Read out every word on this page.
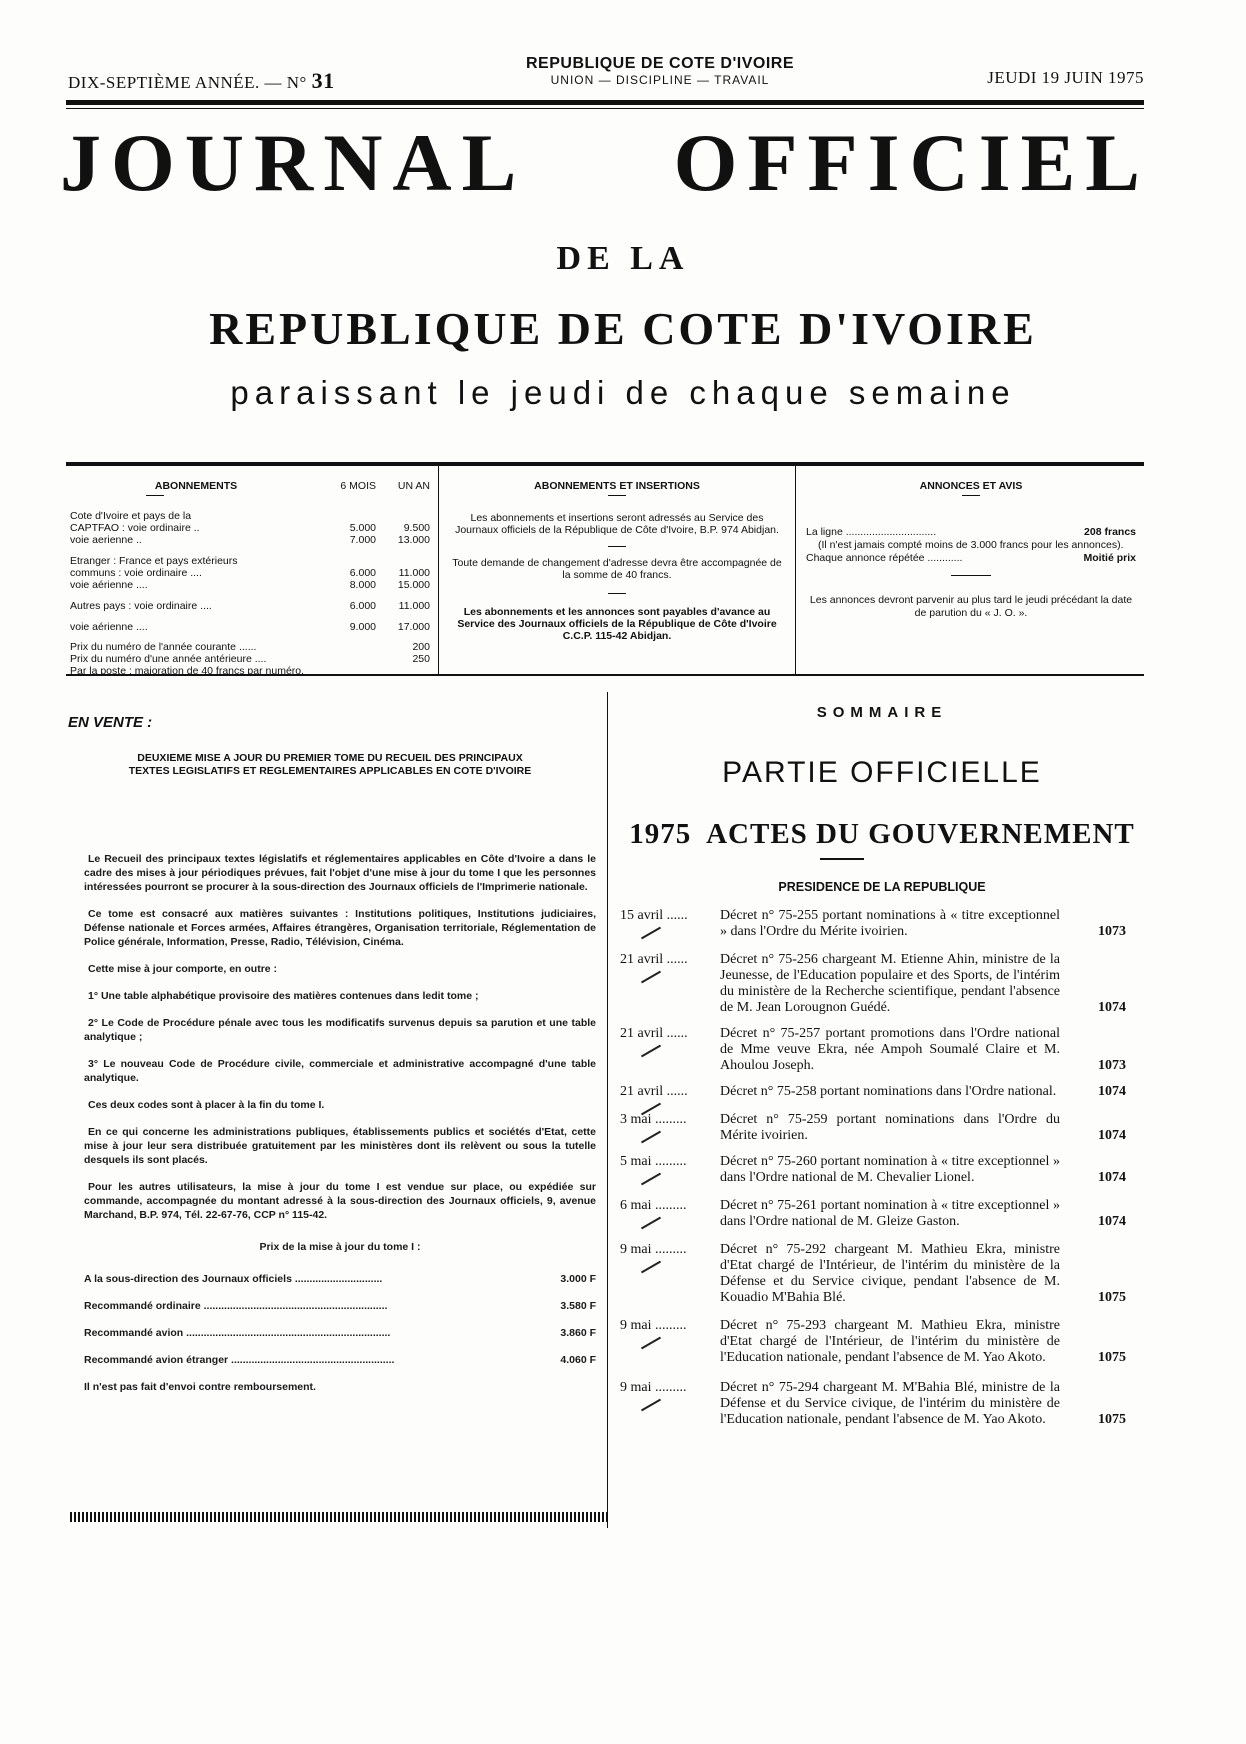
DIX-SEPTIÈME ANNÉE. — N° 31
REPUBLIQUE DE COTE D'IVOIRE
UNION — DISCIPLINE — TRAVAIL	JEUDI 19 JUIN 1975
JOURNAL OFFICIEL
DE LA
REPUBLIQUE DE COTE D'IVOIRE
paraissant le jeudi de chaque semaine
ABONNEMENTS	6 MOIS	UN AN
Cote d'Ivoire et pays de la
CAPTFAO : voie ordinaire ..	5.000	9.500
voie aerienne ..	7.000	13.000
Etranger : France et pays extérieurs
communs : voie ordinaire ....	6.000	11.000
voie aérienne ....	8.000	15.000
Autres pays : voie ordinaire ....	6.000	11.000
voie aérienne ....	9.000	17.000
Prix du numéro de l'année courante ......	200
Prix du numéro d'une année antérieure ....	250
Par la poste : majoration de 40 francs par numéro.
ABONNEMENTS ET INSERTIONS

Les abonnements et insertions seront adressés au Service des Journaux officiels de la République de Côte d'Ivoire, B.P. 974 Abidjan.

Toute demande de changement d'adresse devra être accompagnée de la somme de 40 francs.

Les abonnements et les annonces sont payables d'avance au Service des Journaux officiels de la République de Côte d'Ivoire C.C.P. 115-42 Abidjan.

ANNONCES ET AVIS
La ligne ...............................	208 francs
(Il n'est jamais compté moins de 3.000 francs pour les annonces).
Chaque annonce répétée ............	Moitié prix
Les annonces devront parvenir au plus tard le jeudi précédant la date de parution du « J. O. ».
EN VENTE :
DEUXIEME MISE A JOUR DU PREMIER TOME DU RECUEIL DES PRINCIPAUX TEXTES LEGISLATIFS ET REGLEMENTAIRES APPLICABLES EN COTE D'IVOIRE

Le Recueil des principaux textes législatifs et réglementaires applicables en Côte d'Ivoire a dans le cadre des mises à jour périodiques prévues, fait l'objet d'une mise à jour du tome I que les personnes intéressées pourront se procurer à la sous-direction des Journaux officiels de l'Imprimerie nationale.

Ce tome est consacré aux matières suivantes : Institutions politiques, Institutions judiciaires, Défense nationale et Forces armées, Affaires étrangères, Organisation territoriale, Réglementation de Police générale, Information, Presse, Radio, Télévision, Cinéma.

Cette mise à jour comporte, en outre :

1° Une table alphabétique provisoire des matières contenues dans ledit tome ;

2° Le Code de Procédure pénale avec tous les modificatifs survenus depuis sa parution et une table analytique ;

3° Le nouveau Code de Procédure civile, commerciale et administrative accompagné d'une table analytique.

Ces deux codes sont à placer à la fin du tome I.

En ce qui concerne les administrations publiques, établissements publics et sociétés d'Etat, cette mise à jour leur sera distribuée gratuitement par les ministères dont ils relèvent ou sous la tutelle desquels ils sont placés.

Pour les autres utilisateurs, la mise à jour du tome I est vendue sur place, ou expédiée sur commande, accompagnée du montant adressé à la sous-direction des Journaux officiels, 9, avenue Marchand, B.P. 974, Tél. 22-67-76, CCP n° 115-42.

Prix de la mise à jour du tome I :
A la sous-direction des Journaux officiels ..............................	3.000 F
Recommandé ordinaire ...............................................................	3.580 F
Recommandé avion ......................................................................	3.860 F
Recommandé avion étranger ........................................................	4.060 F
Il n'est pas fait d'envoi contre remboursement.
SOMMAIRE
PARTIE OFFICIELLE
1975 ACTES DU GOUVERNEMENT
PRESIDENCE DE LA REPUBLIQUE
15 avril ......	Décret n° 75-255 portant nominations à « titre exceptionnel » dans l'Ordre du Mérite ivoirien.	1073
21 avril ......	Décret n° 75-256 chargeant M. Etienne Ahin, ministre de la Jeunesse, de l'Education populaire et des Sports, de l'intérim du ministère de la Recherche scientifique, pendant l'absence de M. Jean Lorougnon Guédé.	1074
21 avril ......	Décret n° 75-257 portant promotions dans l'Ordre national de Mme veuve Ekra, née Ampoh Soumalé Claire et M. Ahoulou Joseph.	1073
21 avril ......	Décret n° 75-258 portant nominations dans l'Ordre national.	1074
3 mai .........	Décret n° 75-259 portant nominations dans l'Ordre du Mérite ivoirien.	1074
5 mai .........	Décret n° 75-260 portant nomination à « titre exceptionnel » dans l'Ordre national de M. Chevalier Lionel.	1074
6 mai .........	Décret n° 75-261 portant nomination à « titre exceptionnel » dans l'Ordre national de M. Gleize Gaston.	1074
9 mai .........	Décret n° 75-292 chargeant M. Mathieu Ekra, ministre d'Etat chargé de l'Intérieur, de l'intérim du ministère de la Défense et du Service civique, pendant l'absence de M. Kouadio M'Bahia Blé.	1075
9 mai .........	Décret n° 75-293 chargeant M. Mathieu Ekra, ministre d'Etat chargé de l'Intérieur, de l'intérim du ministère de l'Education nationale, pendant l'absence de M. Yao Akoto.	1075
9 mai .........	Décret n° 75-294 chargeant M. M'Bahia Blé, ministre de la Défense et du Service civique, de l'intérim du ministère de l'Education nationale, pendant l'absence de M. Yao Akoto.	1075
